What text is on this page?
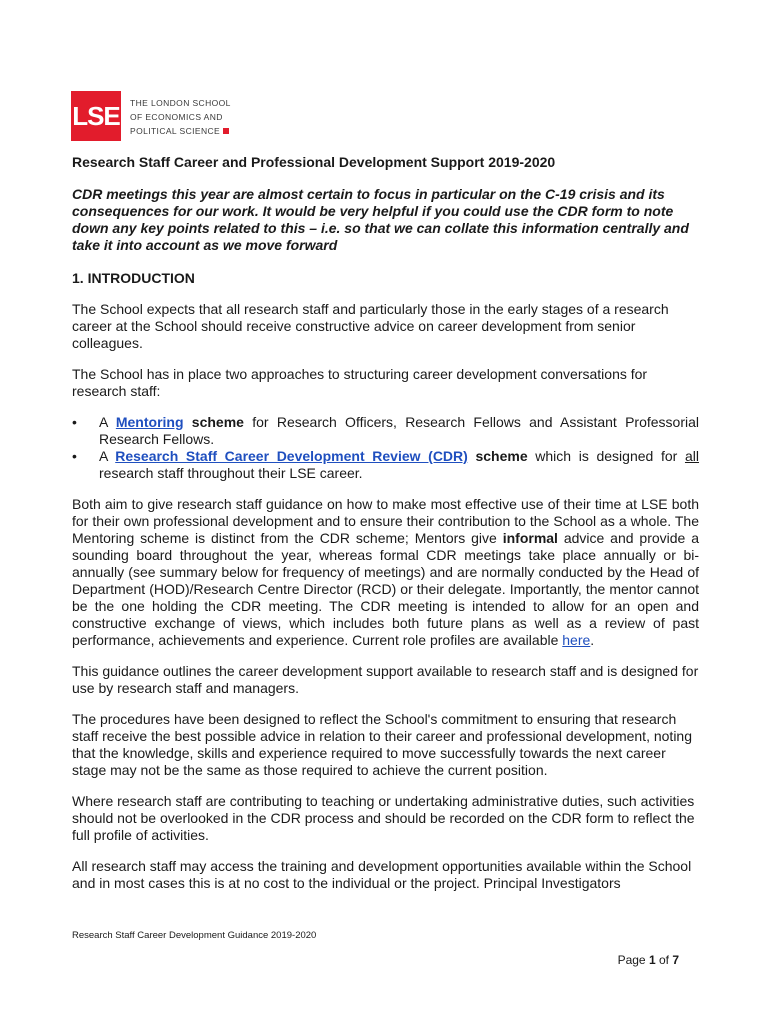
LSE THE LONDON SCHOOL
OF ECONOMICS AND
POLITICAL SCIENCE
Research Staff Career and Professional Development Support 2019-2020
CDR meetings this year are almost certain to focus in particular on the C-19 crisis and its consequences for our work. It would be very helpful if you could use the CDR form to note down any key points related to this – i.e. so that we can collate this information centrally and take it into account as we move forward
1. INTRODUCTION

The School expects that all research staff and particularly those in the early stages of a research career at the School should receive constructive advice on career development from senior colleagues.

The School has in place two approaches to structuring career development conversations for research staff:

• A Mentoring scheme for Research Officers, Research Fellows and Assistant Professorial Research Fellows.
• A Research Staff Career Development Review (CDR) scheme which is designed for all research staff throughout their LSE career.

Both aim to give research staff guidance on how to make most effective use of their time at LSE both for their own professional development and to ensure their contribution to the School as a whole. The Mentoring scheme is distinct from the CDR scheme; Mentors give informal advice and provide a sounding board throughout the year, whereas formal CDR meetings take place annually or bi-annually (see summary below for frequency of meetings) and are normally conducted by the Head of Department (HOD)/Research Centre Director (RCD) or their delegate. Importantly, the mentor cannot be the one holding the CDR meeting. The CDR meeting is intended to allow for an open and constructive exchange of views, which includes both future plans as well as a review of past performance, achievements and experience. Current role profiles are available here.

This guidance outlines the career development support available to research staff and is designed for use by research staff and managers.

The procedures have been designed to reflect the School's commitment to ensuring that research staff receive the best possible advice in relation to their career and professional development, noting that the knowledge, skills and experience required to move successfully towards the next career stage may not be the same as those required to achieve the current position.

Where research staff are contributing to teaching or undertaking administrative duties, such activities should not be overlooked in the CDR process and should be recorded on the CDR form to reflect the full profile of activities.

All research staff may access the training and development opportunities available within the School and in most cases this is at no cost to the individual or the project. Principal Investigators

Research Staff Career Development Guidance 2019-2020
Page 1 of 7
